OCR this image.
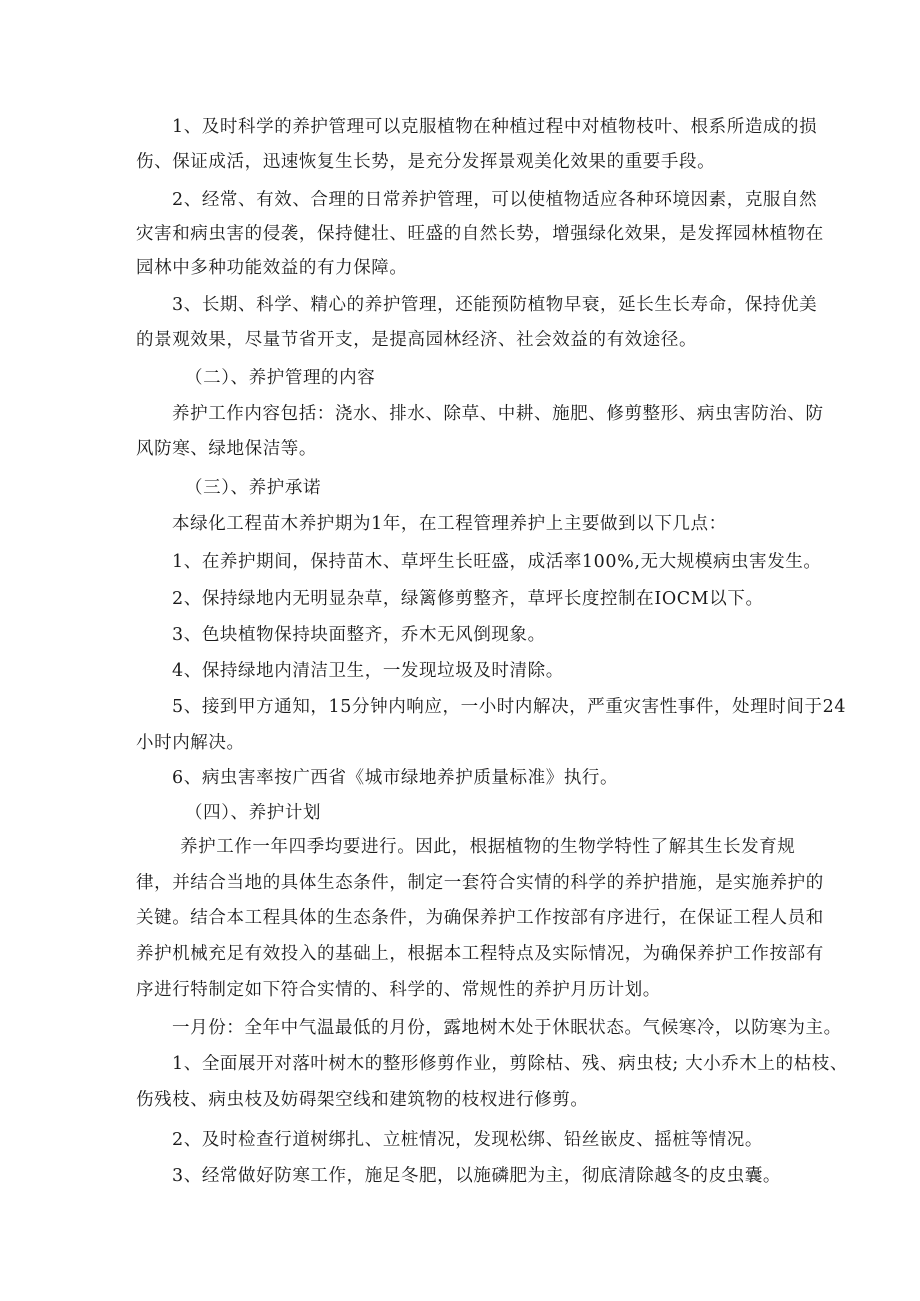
1、及时科学的养护管理可以克服植物在种植过程中对植物枝叶、根系所造成的损
伤、保证成活，迅速恢复生长势，是充分发挥景观美化效果的重要手段。
2、经常、有效、合理的日常养护管理，可以使植物适应各种环境因素，克服自然
灾害和病虫害的侵袭，保持健壮、旺盛的自然长势，增强绿化效果，是发挥园林植物在
园林中多种功能效益的有力保障。
3、长期、科学、精心的养护管理，还能预防植物早衰，延长生长寿命，保持优美
的景观效果，尽量节省开支，是提高园林经济、社会效益的有效途径。
（二）、养护管理的内容
养护工作内容包括：浇水、排水、除草、中耕、施肥、修剪整形、病虫害防治、防
风防寒、绿地保洁等。
（三）、养护承诺
本绿化工程苗木养护期为1年，在工程管理养护上主要做到以下几点：
1、在养护期间，保持苗木、草坪生长旺盛，成活率100%,无大规模病虫害发生。
2、保持绿地内无明显杂草，绿篱修剪整齐，草坪长度控制在IOCM以下。
3、色块植物保持块面整齐，乔木无风倒现象。
4、保持绿地内清洁卫生，一发现垃圾及时清除。
5、接到甲方通知，15分钟内响应，一小时内解决，严重灾害性事件，处理时间于24
小时内解决。
6、病虫害率按广西省《城市绿地养护质量标准》执行。
（四）、养护计划
养护工作一年四季均要进行。因此，根据植物的生物学特性了解其生长发育规
律，并结合当地的具体生态条件，制定一套符合实情的科学的养护措施，是实施养护的
关键。结合本工程具体的生态条件，为确保养护工作按部有序进行，在保证工程人员和
养护机械充足有效投入的基础上，根据本工程特点及实际情况，为确保养护工作按部有
序进行特制定如下符合实情的、科学的、常规性的养护月历计划。
一月份：全年中气温最低的月份，露地树木处于休眠状态。气候寒冷，以防寒为主。
1、全面展开对落叶树木的整形修剪作业，剪除枯、残、病虫枝; 大小乔木上的枯枝、
伤残枝、病虫枝及妨碍架空线和建筑物的枝杈进行修剪。
2、及时检查行道树绑扎、立桩情况，发现松绑、铅丝嵌皮、摇桩等情况。
3、经常做好防寒工作，施足冬肥，以施磷肥为主，彻底清除越冬的皮虫囊。
